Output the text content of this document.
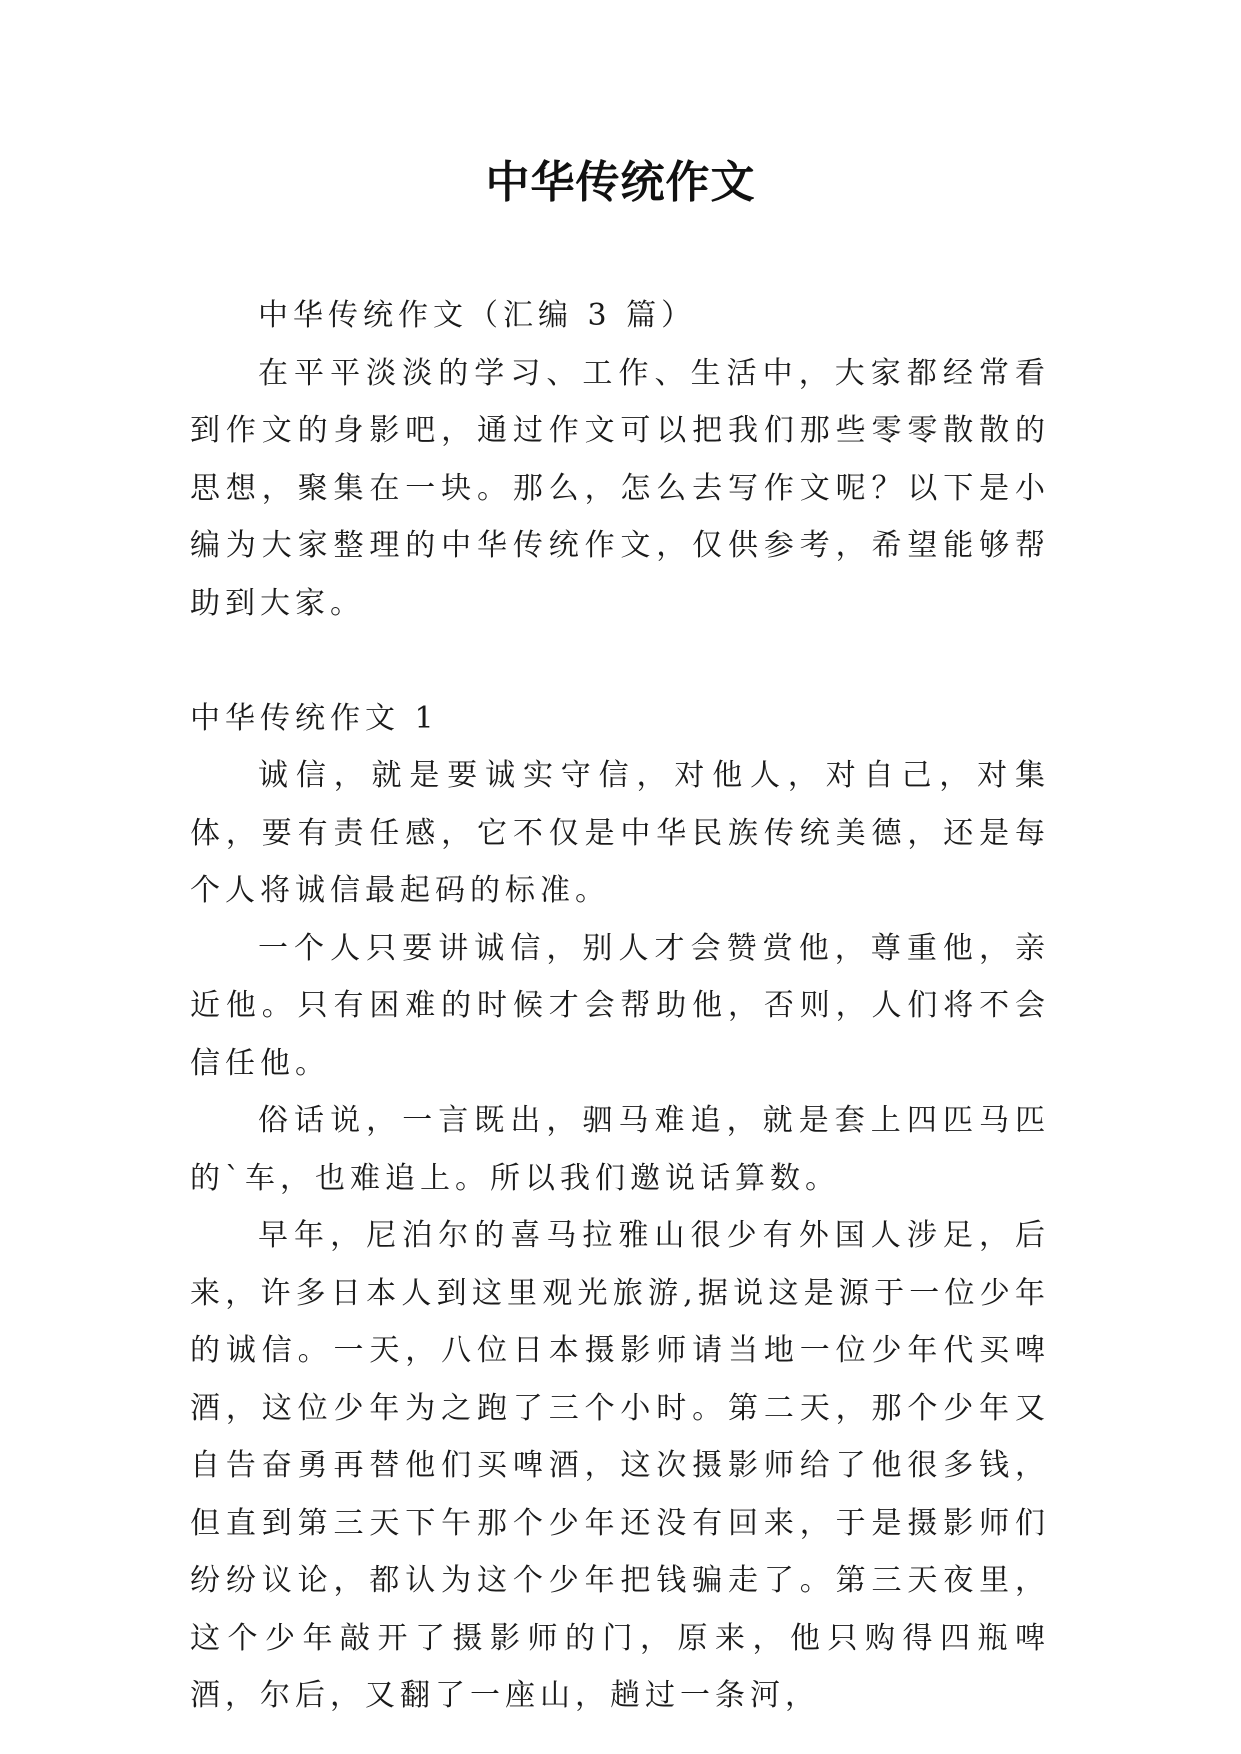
中华传统作文

中华传统作文（汇编 3 篇）

在平平淡淡的学习、工作、生活中，大家都经常看到作文的身影吧，通过作文可以把我们那些零零散散的思想，聚集在一块。那么，怎么去写作文呢？以下是小编为大家整理的中华传统作文，仅供参考，希望能够帮助到大家。

中华传统作文 1

诚信，就是要诚实守信，对他人，对自己，对集体，要有责任感，它不仅是中华民族传统美德，还是每个人将诚信最起码的标准。

一个人只要讲诚信，别人才会赞赏他，尊重他，亲近他。只有困难的时候才会帮助他，否则，人们将不会信任他。

俗话说，一言既出，驷马难追，就是套上四匹马匹的`车，也难追上。所以我们邀说话算数。

早年，尼泊尔的喜马拉雅山很少有外国人涉足，后来，许多日本人到这里观光旅游,据说这是源于一位少年的诚信。一天，八位日本摄影师请当地一位少年代买啤酒，这位少年为之跑了三个小时。第二天，那个少年又自告奋勇再替他们买啤酒，这次摄影师给了他很多钱，但直到第三天下午那个少年还没有回来，于是摄影师们纷纷议论，都认为这个少年把钱骗走了。第三天夜里，这个少年敲开了摄影师的门，原来，他只购得四瓶啤酒，尔后，又翻了一座山，趟过一条河，
